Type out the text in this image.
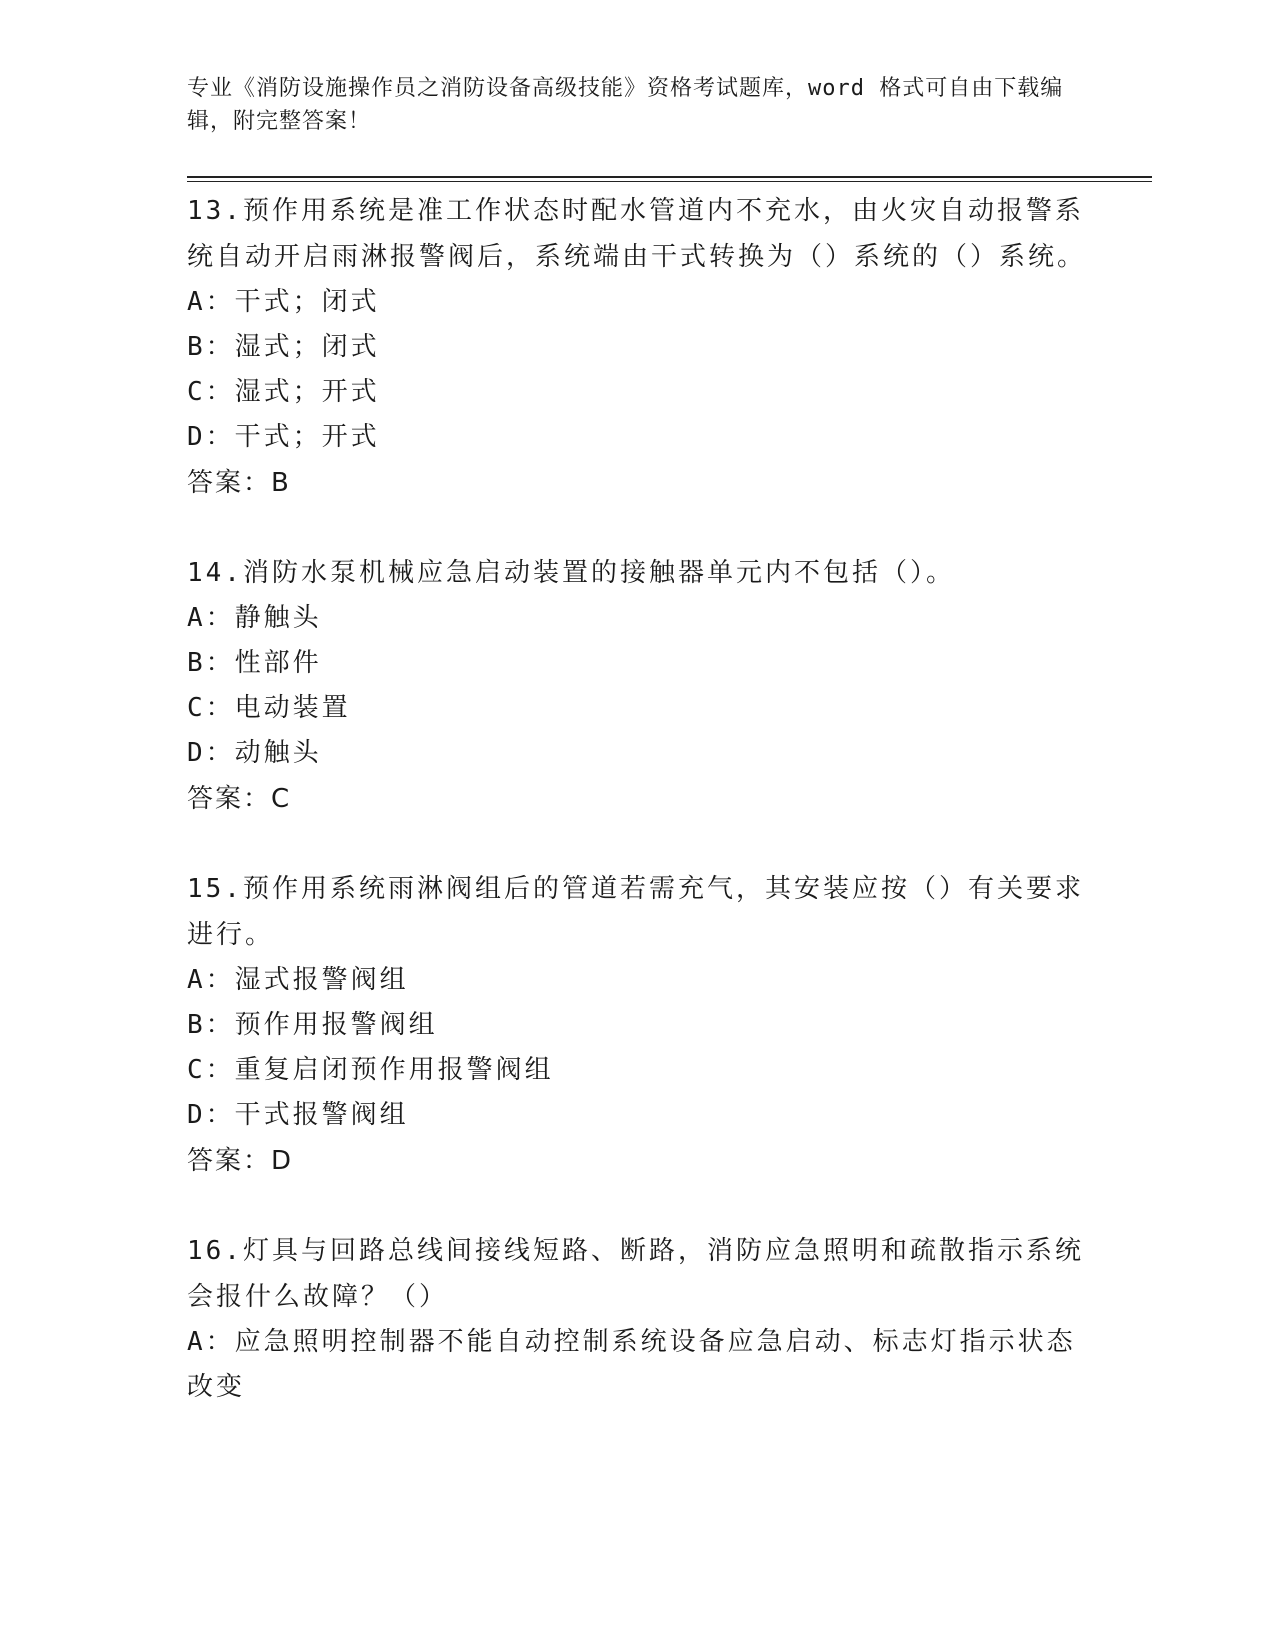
专业《消防设施操作员之消防设备高级技能》资格考试题库，word 格式可自由下载编辑，附完整答案！

13.预作用系统是准工作状态时配水管道内不充水，由火灾自动报警系统自动开启雨淋报警阀后，系统端由干式转换为（）系统的（）系统。

A：干式；闭式

B：湿式；闭式

C：湿式；开式

D：干式；开式

答案：B

14.消防水泵机械应急启动装置的接触器单元内不包括（）。

A：静触头

B：性部件

C：电动装置

D：动触头

答案：C

15.预作用系统雨淋阀组后的管道若需充气，其安装应按（）有关要求进行。

A：湿式报警阀组

B：预作用报警阀组

C：重复启闭预作用报警阀组

D：干式报警阀组

答案：D

16.灯具与回路总线间接线短路、断路，消防应急照明和疏散指示系统会报什么故障？（）

A：应急照明控制器不能自动控制系统设备应急启动、标志灯指示状态改变
